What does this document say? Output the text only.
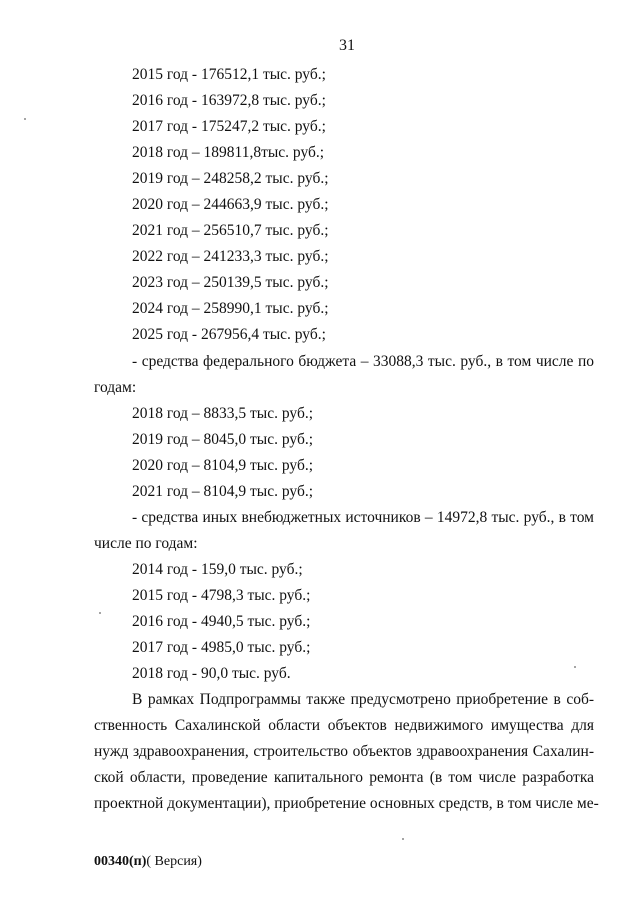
31
2015 год - 176512,1 тыс. руб.;
2016 год - 163972,8 тыс. руб.;
2017 год - 175247,2 тыс. руб.;
2018 год – 189811,8тыс. руб.;
2019 год – 248258,2 тыс. руб.;
2020 год – 244663,9 тыс. руб.;
2021 год – 256510,7 тыс. руб.;
2022 год – 241233,3 тыс. руб.;
2023 год – 250139,5 тыс. руб.;
2024 год – 258990,1 тыс. руб.;
2025 год - 267956,4 тыс. руб.;
- средства федерального бюджета – 33088,3 тыс. руб., в том числе по
годам:
2018 год – 8833,5 тыс. руб.;
2019 год – 8045,0 тыс. руб.;
2020 год – 8104,9 тыс. руб.;
2021 год – 8104,9 тыс. руб.;
- средства иных внебюджетных источников – 14972,8 тыс. руб., в том
числе по годам:
2014 год - 159,0 тыс. руб.;
2015 год - 4798,3 тыс. руб.;
2016 год - 4940,5 тыс. руб.;
2017 год - 4985,0 тыс. руб.;
2018 год - 90,0 тыс. руб.
В рамках Подпрограммы также предусмотрено приобретение в соб-
ственность Сахалинской области объектов недвижимого имущества для
нужд здравоохранения, строительство объектов здравоохранения Сахалин-
ской области, проведение капитального ремонта (в том числе разработка
проектной документации), приобретение основных средств, в том числе ме-
00340(п)( Версия)
